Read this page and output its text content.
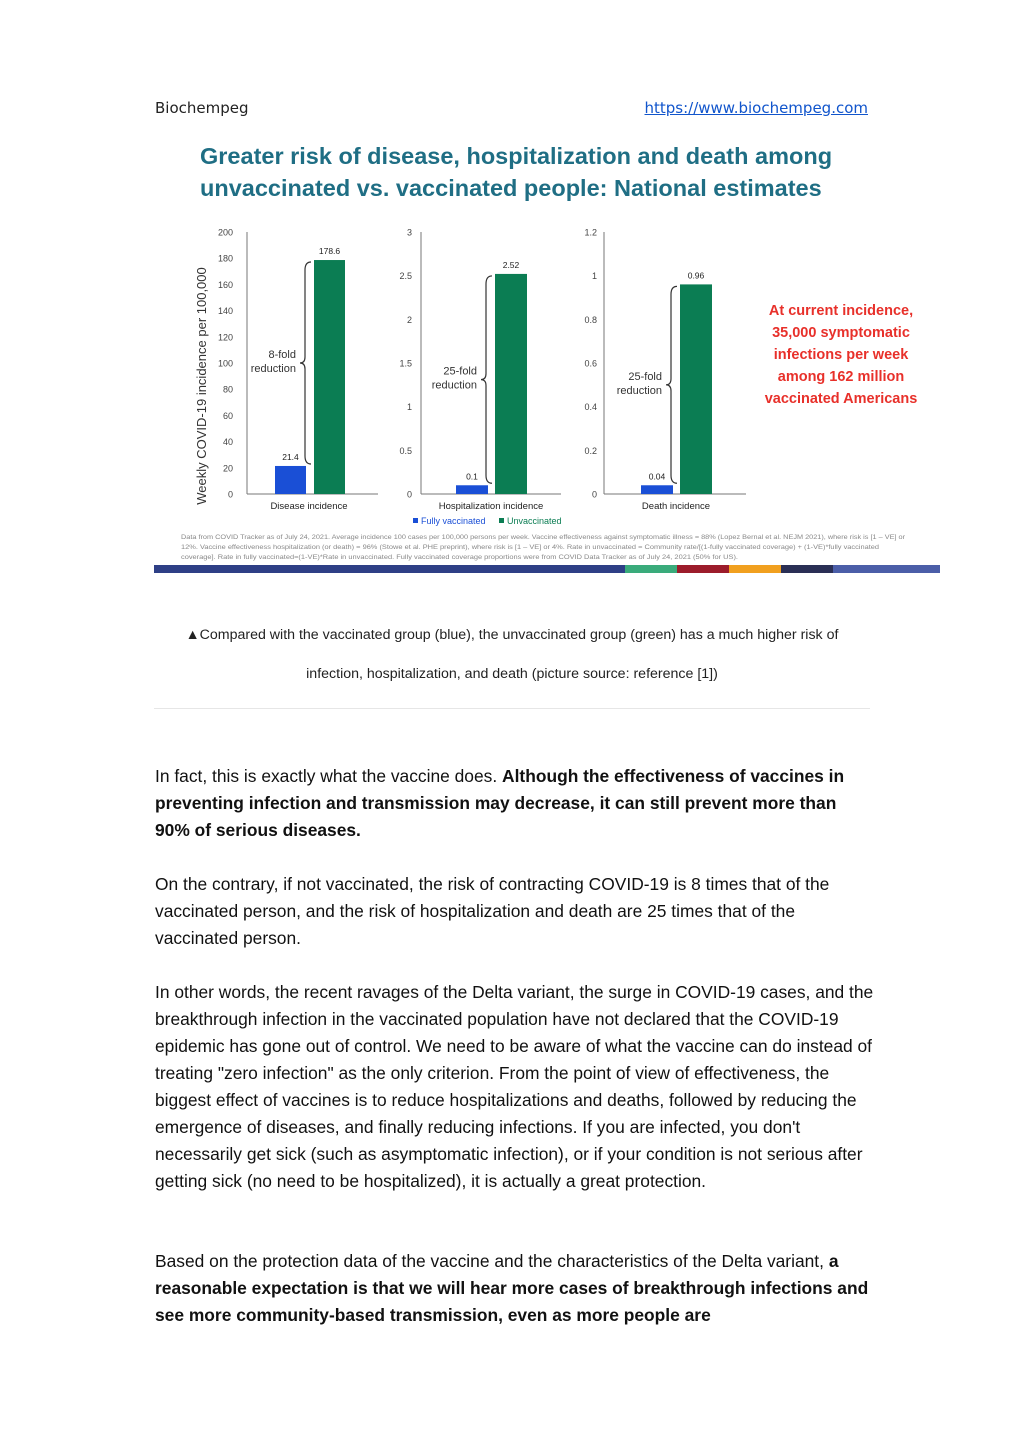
Biochempeg	https://www.biochempeg.com
Greater risk of disease, hospitalization and death among
unvaccinated vs. vaccinated people: National estimates
Weekly COVID-19 incidence per 100,000 0
20
40
60
80
100
120
140
160
180
200
21.4
178.6
Disease incidence
8-fold
reduction
0
0.5
1
1.5
2
2.5
3
0.1
2.52
Hospitalization incidence
25-fold
reduction
0
0.2
0.4
0.6
0.8
1
1.2
0.04
0.96
Death incidence
25-fold
reduction
At current incidence,
35,000 symptomatic
infections per week
among 162 million
vaccinated Americans
Fully vaccinated Unvaccinated
Data from COVID Tracker as of July 24, 2021. Average incidence 100 cases per 100,000 persons per week. Vaccine effectiveness against symptomatic illness = 88% (Lopez Bernal et al. NEJM 2021), where risk is [1 – VE] or
12%. Vaccine effectiveness hospitalization (or death) = 96% (Stowe et al. PHE preprint), where risk is [1 – VE] or 4%. Rate in unvaccinated = Community rate/[(1-fully vaccinated coverage) + (1-VE)*fully vaccinated
coverage]. Rate in fully vaccinated=(1-VE)*Rate in unvaccinated. Fully vaccinated coverage proportions were from COVID Data Tracker as of July 24, 2021 (50% for US).
▲Compared with the vaccinated group (blue), the unvaccinated group (green) has a much higher risk of
infection, hospitalization, and death (picture source: reference [1])

In fact, this is exactly what the vaccine does. Although the effectiveness of vaccines in preventing infection and transmission may decrease, it can still prevent more than 90% of serious diseases.

On the contrary, if not vaccinated, the risk of contracting COVID-19 is 8 times that of the vaccinated person, and the risk of hospitalization and death are 25 times that of the vaccinated person.

In other words, the recent ravages of the Delta variant, the surge in COVID-19 cases, and the breakthrough infection in the vaccinated population have not declared that the COVID-19 epidemic has gone out of control. We need to be aware of what the vaccine can do instead of treating "zero infection" as the only criterion. From the point of view of effectiveness, the biggest effect of vaccines is to reduce hospitalizations and deaths, followed by reducing the emergence of diseases, and finally reducing infections. If you are infected, you don't necessarily get sick (such as asymptomatic infection), or if your condition is not serious after getting sick (no need to be hospitalized), it is actually a great protection.

Based on the protection data of the vaccine and the characteristics of the Delta variant, a reasonable expectation is that we will hear more cases of breakthrough infections and see more community-based transmission, even as more people are
